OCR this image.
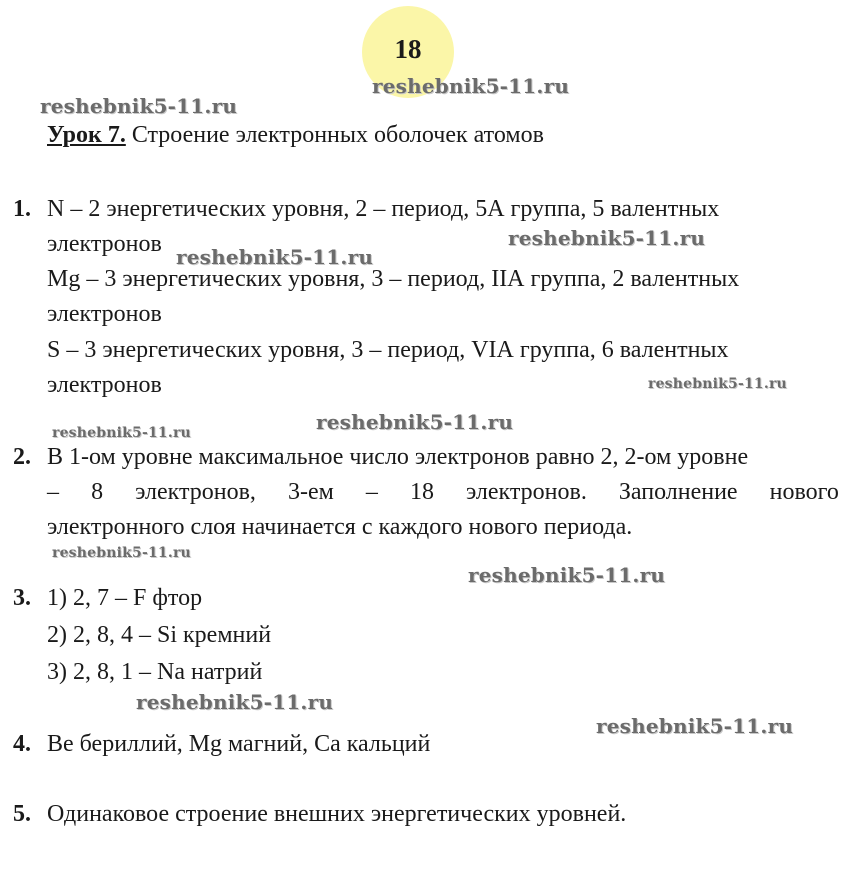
18
reshebnik5-11.ru
reshebnik5-11.ru
reshebnik5-11.ru
reshebnik5-11.ru
reshebnik5-11.ru
reshebnik5-11.ru
reshebnik5-11.ru
reshebnik5-11.ru
reshebnik5-11.ru
reshebnik5-11.ru
reshebnik5-11.ru
Урок 7. Строение электронных оболочек атомов
1. N – 2 энергетических уровня, 2 – период, 5А группа, 5 валентных
электронов
Mg – 3 энергетических уровня, 3 – период, IIА группа, 2 валентных
электронов
S – 3 энергетических уровня, 3 – период, VIА группа, 6 валентных
электронов
2. В 1-ом уровне максимальное число электронов равно 2, 2-ом уровне
– 8 электронов, 3-ем – 18 электронов. Заполнение нового
электронного слоя начинается с каждого нового периода.
3. 1) 2, 7 – F фтор
2) 2, 8, 4 – Si кремний
3) 2, 8, 1 – Na натрий
4. Be бериллий, Mg магний, Ca кальций
5. Одинаковое строение внешних энергетических уровней.
